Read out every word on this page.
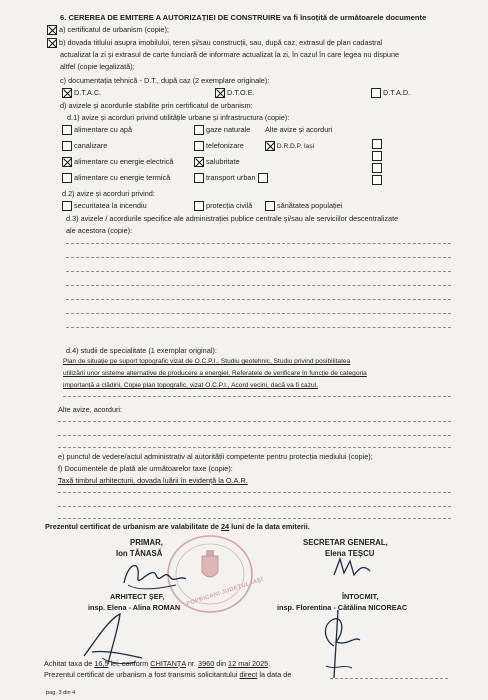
6. CEREREA DE EMITERE A AUTORIZAȚIEI DE CONSTRUIRE va fi însoțită de următoarele documente
a) certificatul de urbanism (copie);
b) dovada titlului asupra imobilului, teren și/sau construcții, sau, după caz, extrasul de plan cadastral
actualizat la zi și extrasul de carte funciară de informare actualizat la zi, în cazul în care legea nu dispune
altfel (copie legalizată);
c) documentația tehnică - D.T., după caz (2 exemplare originale):
D.T.A.C.	D.T.O.E.	D.T.A.D.
d) avizele și acordurile stabilite prin certificatul de urbanism:
d.1) avize și acorduri privind utilitățile urbane și infrastructura (copie):
alimentare cu apă	gaze naturale Alte avize și acorduri
canalizare	telefonizare	D.R.D.P. Iași
alimentare cu energie electrică	salubritate
alimentare cu energie termică	transport urban
d.2) avize și acorduri privind:
securitatea la incendiu	protecția civilă	sănătatea populației
d.3) avizele / acordurile specifice ale administrației publice centrale și/sau ale serviciilor descentralizate
ale acestora (copie):
d.4) studii de specialitate (1 exemplar original):
Plan de situație pe suport topografic vizat de O.C.P.I., Studiu geotehnic, Studiu privind posibilitatea
utilizării unor sisteme alternative de producere a energiei, Referatele de verificare în funcție de categoria
importanță a clădirii, Copie plan topografic, vizat O.C.P.I., Acord vecini, dacă va fi cazul.
Alte avize, acorduri:
e) punctul de vedere/actul administrativ al autorității competente pentru protecția mediului (copie);
f) Documentele de plată ale următoarelor taxe (copie):
Taxă timbrul arhitecturii, dovada luării în evidență la O.A.R.
Prezentul certificat de urbanism are valabilitate de 24 luni de la data emiterii.
PRIMAR,
Ion TĂNASĂ
SECRETAR GENERAL,
Elena TEȘCU
POPRICANI JUDEȚUL IAȘI
ARHITECT ȘEF,
insp. Elena - Alina ROMAN
ÎNTOCMIT,
insp. Florentina - Cătălina NICOREAC
Achitat taxa de 16,5 lei, conform CHITANȚA nr. 3960 din 12 mai 2025.
Prezentul certificat de urbanism a fost transmis solicitantului direct la data de
pag. 3 din 4
